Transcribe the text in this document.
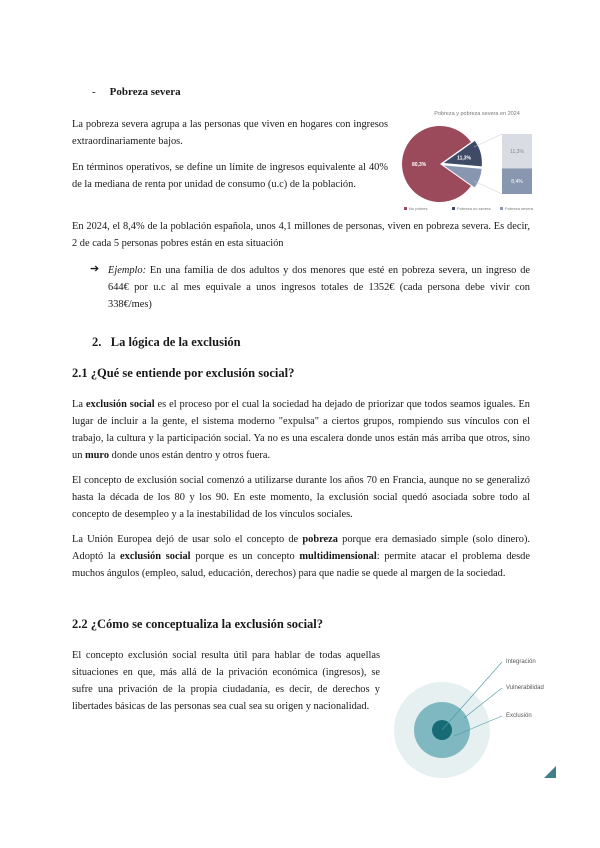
- Pobreza severa

La pobreza severa agrupa a las personas que viven en hogares con ingresos extraordinariamente bajos.

En términos operativos, se define un límite de ingresos equivalente al 40% de la mediana de renta por unidad de consumo (u.c) de la población.

En 2024, el 8,4% de la población española, unos 4,1 millones de personas, viven en pobreza severa. Es decir, 2 de cada 5 personas pobres están en esta situación

Pobreza y pobreza severa en 2024
80,3%
11,3%
11,3%
8,4%
No pobres	Pobreza no severa	Pobreza severa
➔ Ejemplo: En una familia de dos adultos y dos menores que esté en pobreza severa, un ingreso de 644€ por u.c al mes equivale a unos ingresos totales de 1352€ (cada persona debe vivir con 338€/mes)

2. La lógica de la exclusión
2.1 ¿Qué se entiende por exclusión social?

La exclusión social es el proceso por el cual la sociedad ha dejado de priorizar que todos seamos iguales. En lugar de incluir a la gente, el sistema moderno "expulsa" a ciertos grupos, rompiendo sus vínculos con el trabajo, la cultura y la participación social. Ya no es una escalera donde unos están más arriba que otros, sino un muro donde unos están dentro y otros fuera.

El concepto de exclusión social comenzó a utilizarse durante los años 70 en Francia, aunque no se generalizó hasta la década de los 80 y los 90. En este momento, la exclusión social quedó asociada sobre todo al concepto de desempleo y a la inestabilidad de los vínculos sociales.

La Unión Europea dejó de usar solo el concepto de pobreza porque era demasiado simple (solo dinero). Adoptó la exclusión social porque es un concepto multidimensional: permite atacar el problema desde muchos ángulos (empleo, salud, educación, derechos) para que nadie se quede al margen de la sociedad.

2.2 ¿Cómo se conceptualiza la exclusión social?

El concepto exclusión social resulta útil para hablar de todas aquellas situaciones en que, más allá de la privación económica (ingresos), se sufre una privación de la propia ciudadanía, es decir, de derechos y libertades básicas de las personas sea cual sea su origen y nacionalidad.

Integración
Vulnerabilidad
Exclusión
